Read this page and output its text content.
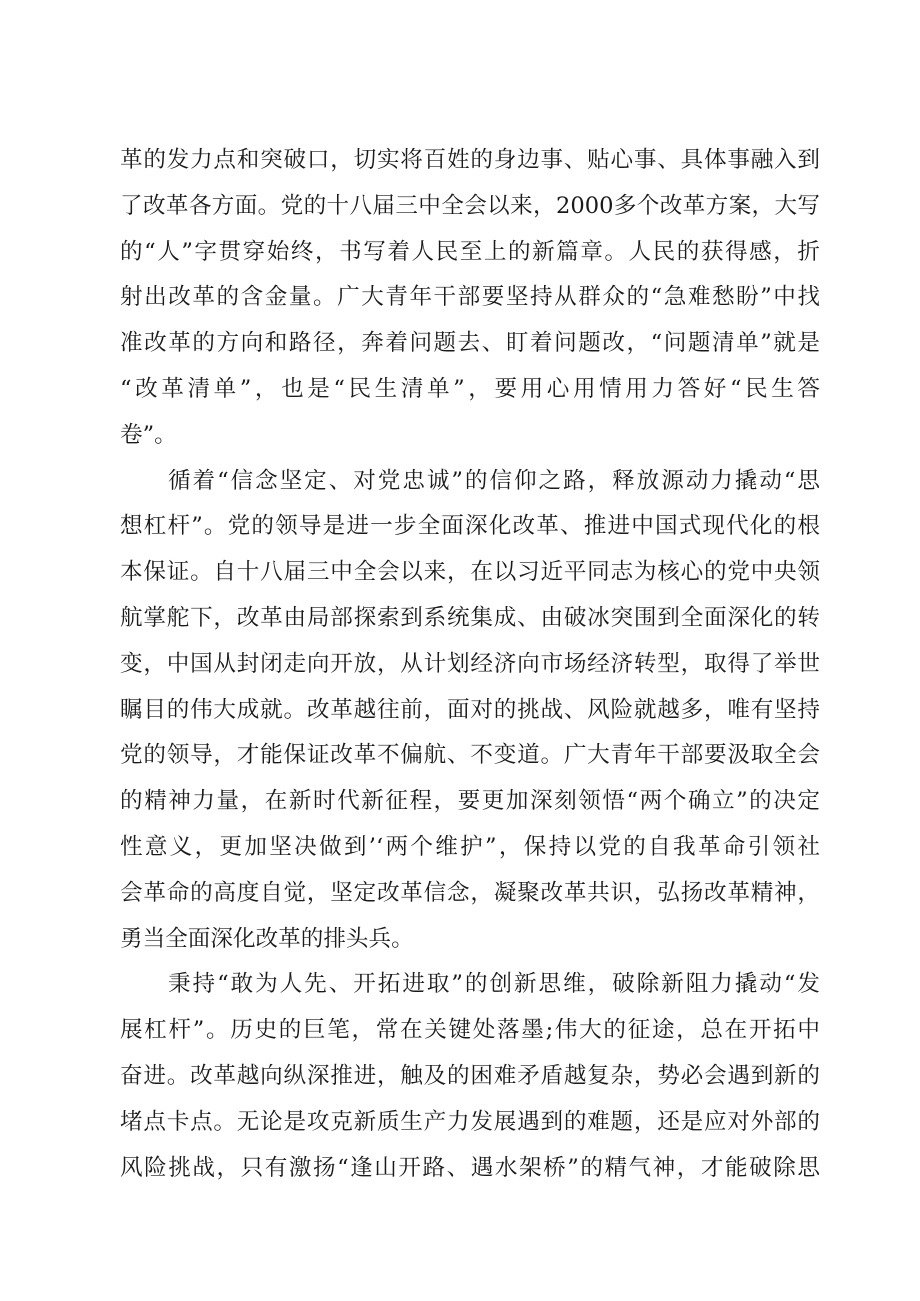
革的发力点和突破口，切实将百姓的身边事、贴心事、具体事融入到
了改革各方面。党的十八届三中全会以来，2000多个改革方案，大写
的“人”字贯穿始终，书写着人民至上的新篇章。人民的获得感，折
射出改革的含金量。广大青年干部要坚持从群众的“急难愁盼”中找
准改革的方向和路径，奔着问题去、盯着问题改，“问题清单”就是
“改革清单”，也是“民生清单”，要用心用情用力答好“民生答
卷”。
循着“信念坚定、对党忠诚”的信仰之路，释放源动力撬动“思
想杠杆”。党的领导是进一步全面深化改革、推进中国式现代化的根
本保证。自十八届三中全会以来，在以习近平同志为核心的党中央领
航掌舵下，改革由局部探索到系统集成、由破冰突围到全面深化的转
变，中国从封闭走向开放，从计划经济向市场经济转型，取得了举世
瞩目的伟大成就。改革越往前，面对的挑战、风险就越多，唯有坚持
党的领导，才能保证改革不偏航、不变道。广大青年干部要汲取全会
的精神力量，在新时代新征程，要更加深刻领悟“两个确立”的决定
性意义，更加坚决做到’‘两个维护”，保持以党的自我革命引领社
会革命的高度自觉，坚定改革信念，凝聚改革共识，弘扬改革精神，
勇当全面深化改革的排头兵。
秉持“敢为人先、开拓进取”的创新思维，破除新阻力撬动“发
展杠杆”。历史的巨笔，常在关键处落墨;伟大的征途，总在开拓中
奋进。改革越向纵深推进，触及的困难矛盾越复杂，势必会遇到新的
堵点卡点。无论是攻克新质生产力发展遇到的难题，还是应对外部的
风险挑战，只有激扬“逢山开路、遇水架桥”的精气神，才能破除思
